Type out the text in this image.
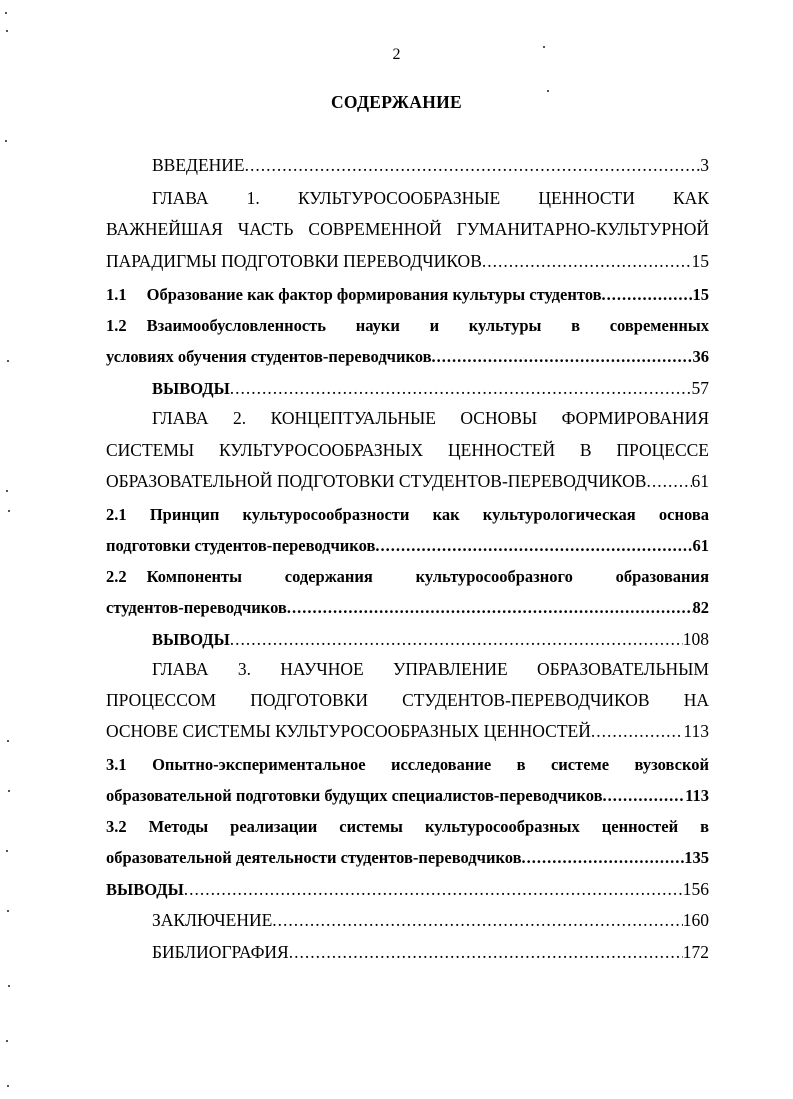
2
СОДЕРЖАНИЕ
ВВЕДЕНИЕ .....	3
ГЛАВА 1. КУЛЬТУРОСООБРАЗНЫЕ ЦЕННОСТИ КАК
ВАЖНЕЙШАЯ ЧАСТЬ СОВРЕМЕННОЙ ГУМАНИТАРНО-КУЛЬТУРНОЙ
ПАРАДИГМЫ ПОДГОТОВКИ ПЕРЕВОДЧИКОВ .....	15
1.1 Образование как фактор формирования культуры студентов .....	15
1.2 Взаимообусловленность науки и культуры в современных
условиях обучения студентов-переводчиков .....	36
ВЫВОДЫ .....	57
ГЛАВА 2. КОНЦЕПТУАЛЬНЫЕ ОСНОВЫ ФОРМИРОВАНИЯ
СИСТЕМЫ КУЛЬТУРОСООБРАЗНЫХ ЦЕННОСТЕЙ В ПРОЦЕССЕ
ОБРАЗОВАТЕЛЬНОЙ ПОДГОТОВКИ СТУДЕНТОВ-ПЕРЕВОДЧИКОВ .....	61
2.1 Принцип культуросообразности как культурологическая основа
подготовки студентов-переводчиков .....	61
2.2 Компоненты содержания культуросообразного образования
студентов-переводчиков .....	82
ВЫВОДЫ .....	108
ГЛАВА 3. НАУЧНОЕ УПРАВЛЕНИЕ ОБРАЗОВАТЕЛЬНЫМ
ПРОЦЕССОМ ПОДГОТОВКИ СТУДЕНТОВ-ПЕРЕВОДЧИКОВ НА
ОСНОВЕ СИСТЕМЫ КУЛЬТУРОСООБРАЗНЫХ ЦЕННОСТЕЙ .....	113
3.1 Опытно-экспериментальное исследование в системе вузовской
образовательной подготовки будущих специалистов-переводчиков .....	113
3.2 Методы реализации системы культуросообразных ценностей в
образовательной деятельности студентов-переводчиков .....	135
ВЫВОДЫ .....	156
ЗАКЛЮЧЕНИЕ .....	160
БИБЛИОГРАФИЯ .....	172
